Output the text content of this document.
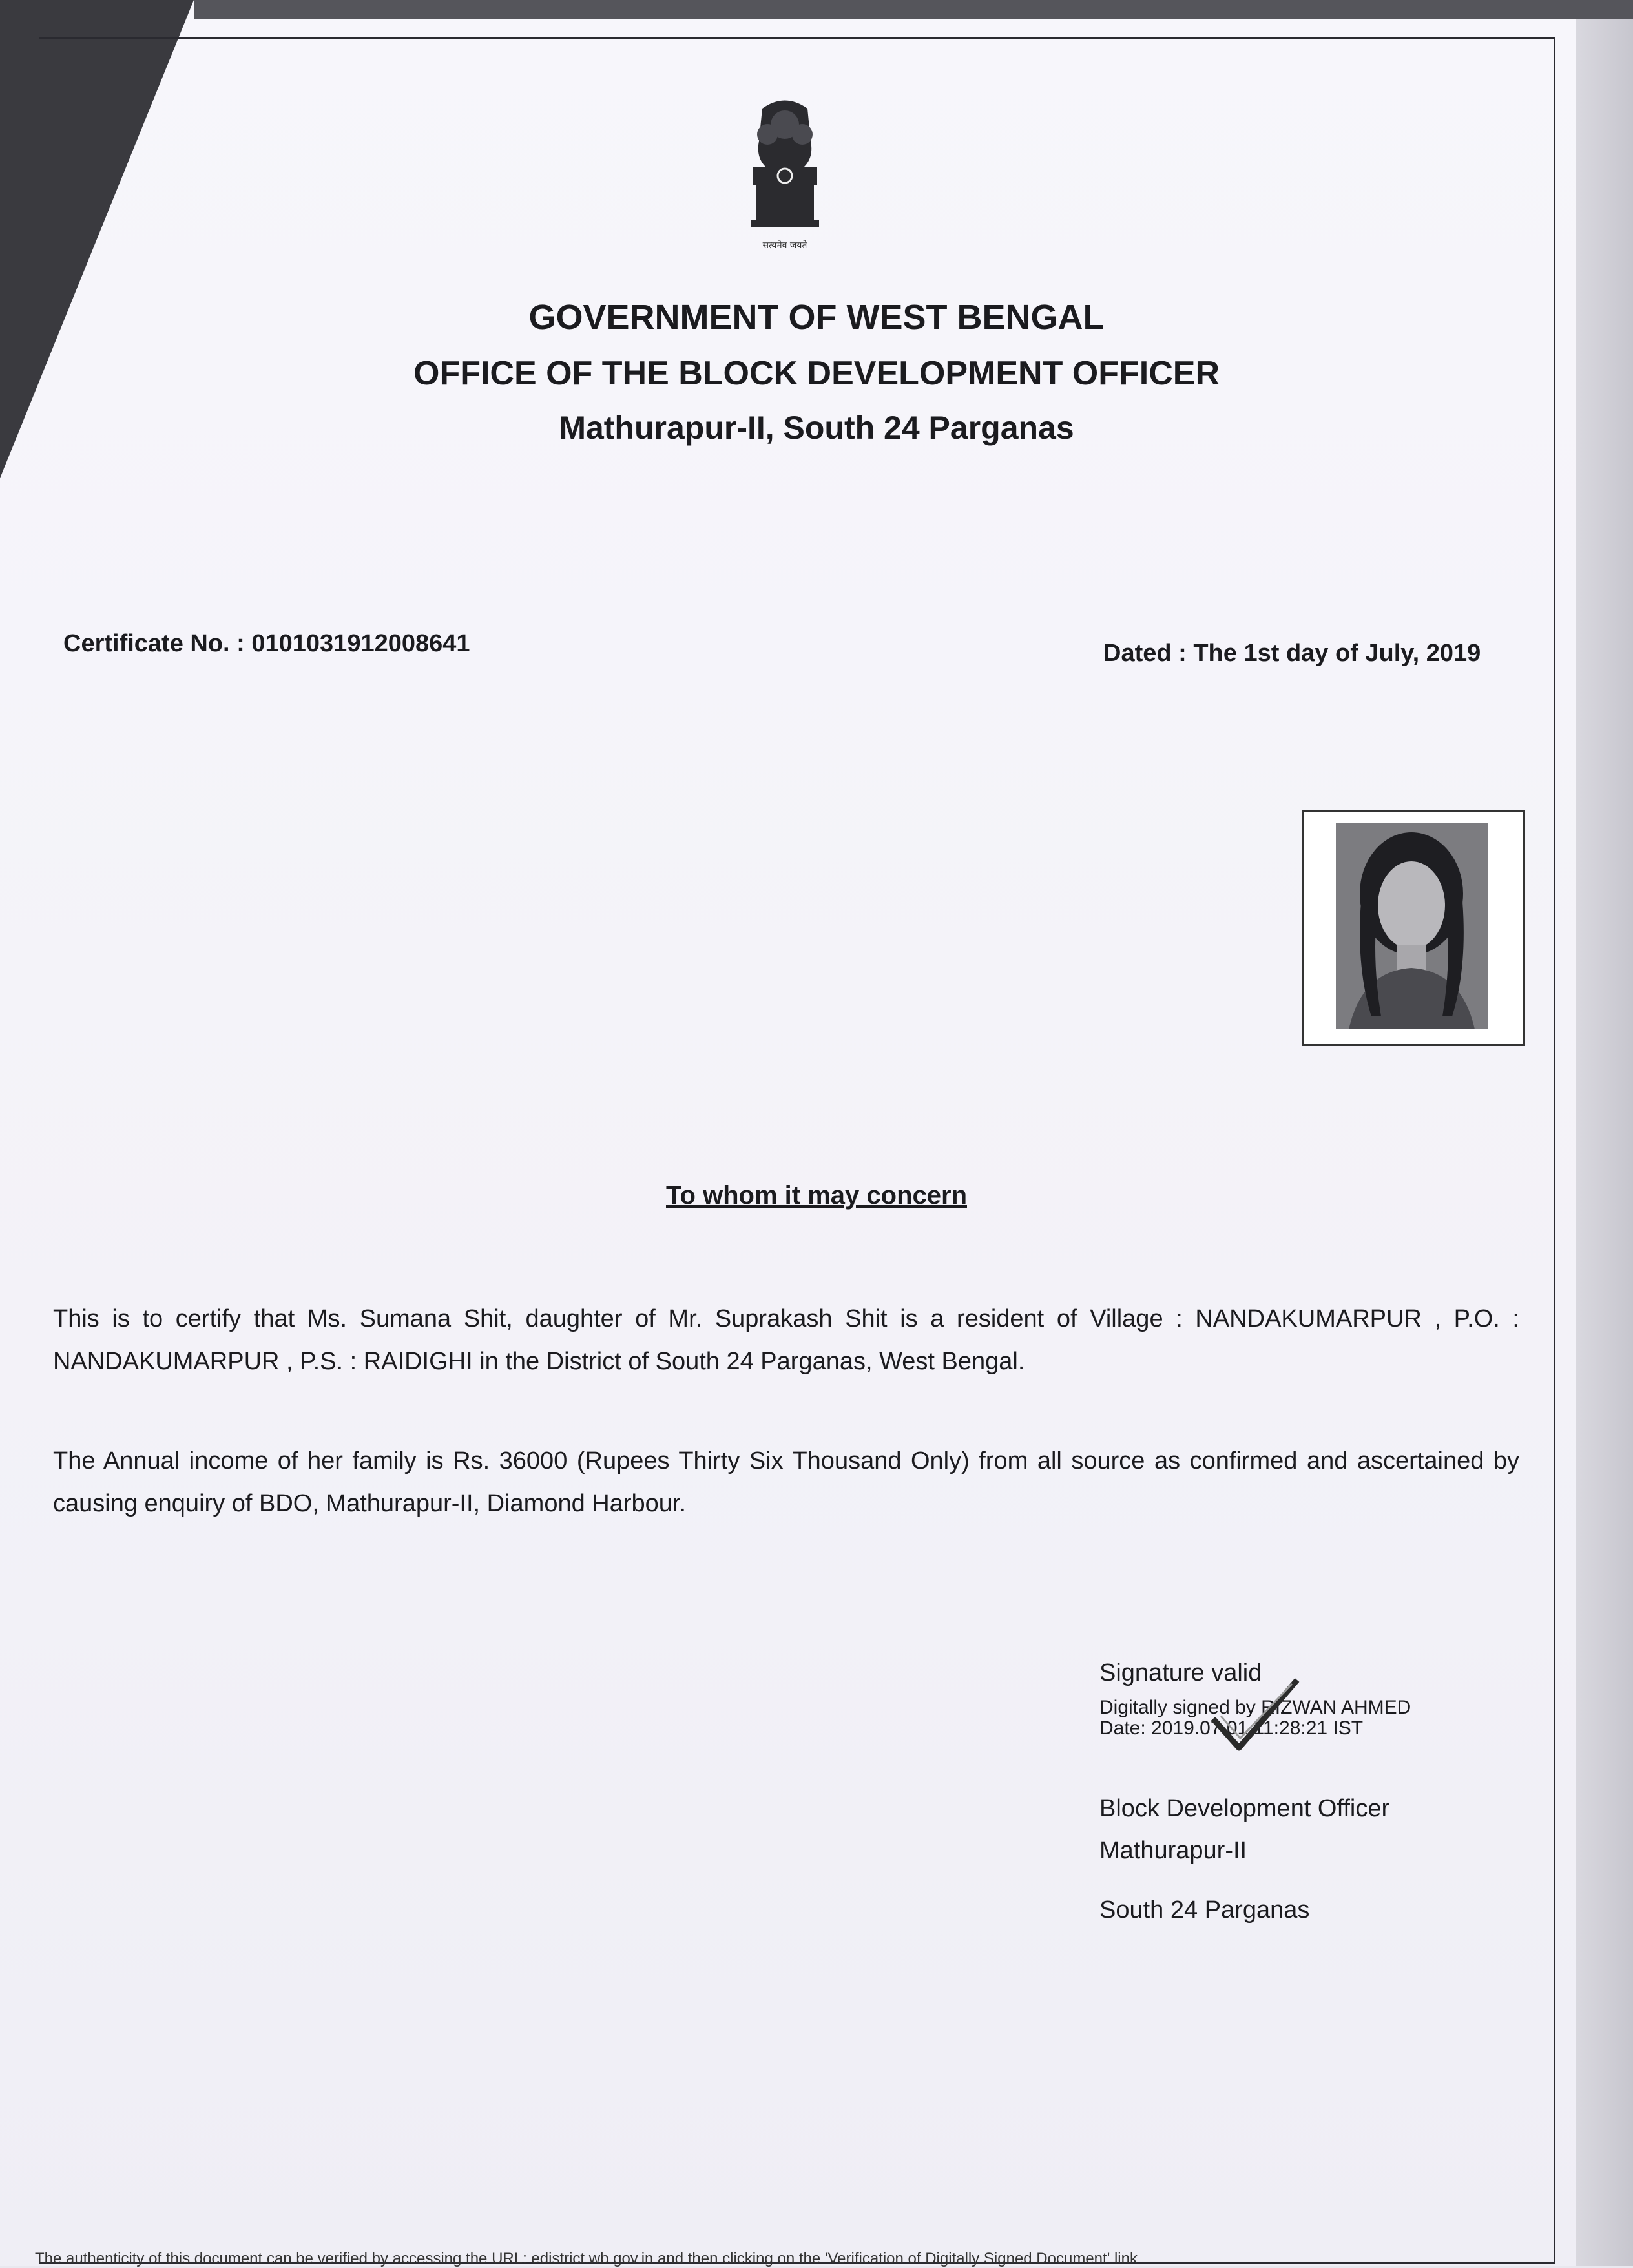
सत्यमेव जयते
GOVERNMENT OF WEST BENGAL
OFFICE OF THE BLOCK DEVELOPMENT OFFICER
Mathurapur-II, South 24 Parganas
Certificate No. : 0101031912008641	Dated : The 1st day of July, 2019
To whom it may concern
This is to certify that Ms. Sumana Shit, daughter of Mr. Suprakash Shit is a resident of Village : NANDAKUMARPUR , P.O. : NANDAKUMARPUR , P.S. : RAIDIGHI in the District of South 24 Parganas, West Bengal.
The Annual income of her family is Rs. 36000 (Rupees Thirty Six Thousand Only) from all source as confirmed and ascertained by causing enquiry of BDO, Mathurapur-II, Diamond Harbour.
Signature valid
Digitally signed by RIZWAN AHMED
Date: 2019.07.01 11:28:21 IST
Block Development Officer
Mathurapur-II
South 24 Parganas
The authenticity of this document can be verified by accessing the URL: edistrict.wb.gov.in and then clicking on the 'Verification of Digitally Signed Document' link
